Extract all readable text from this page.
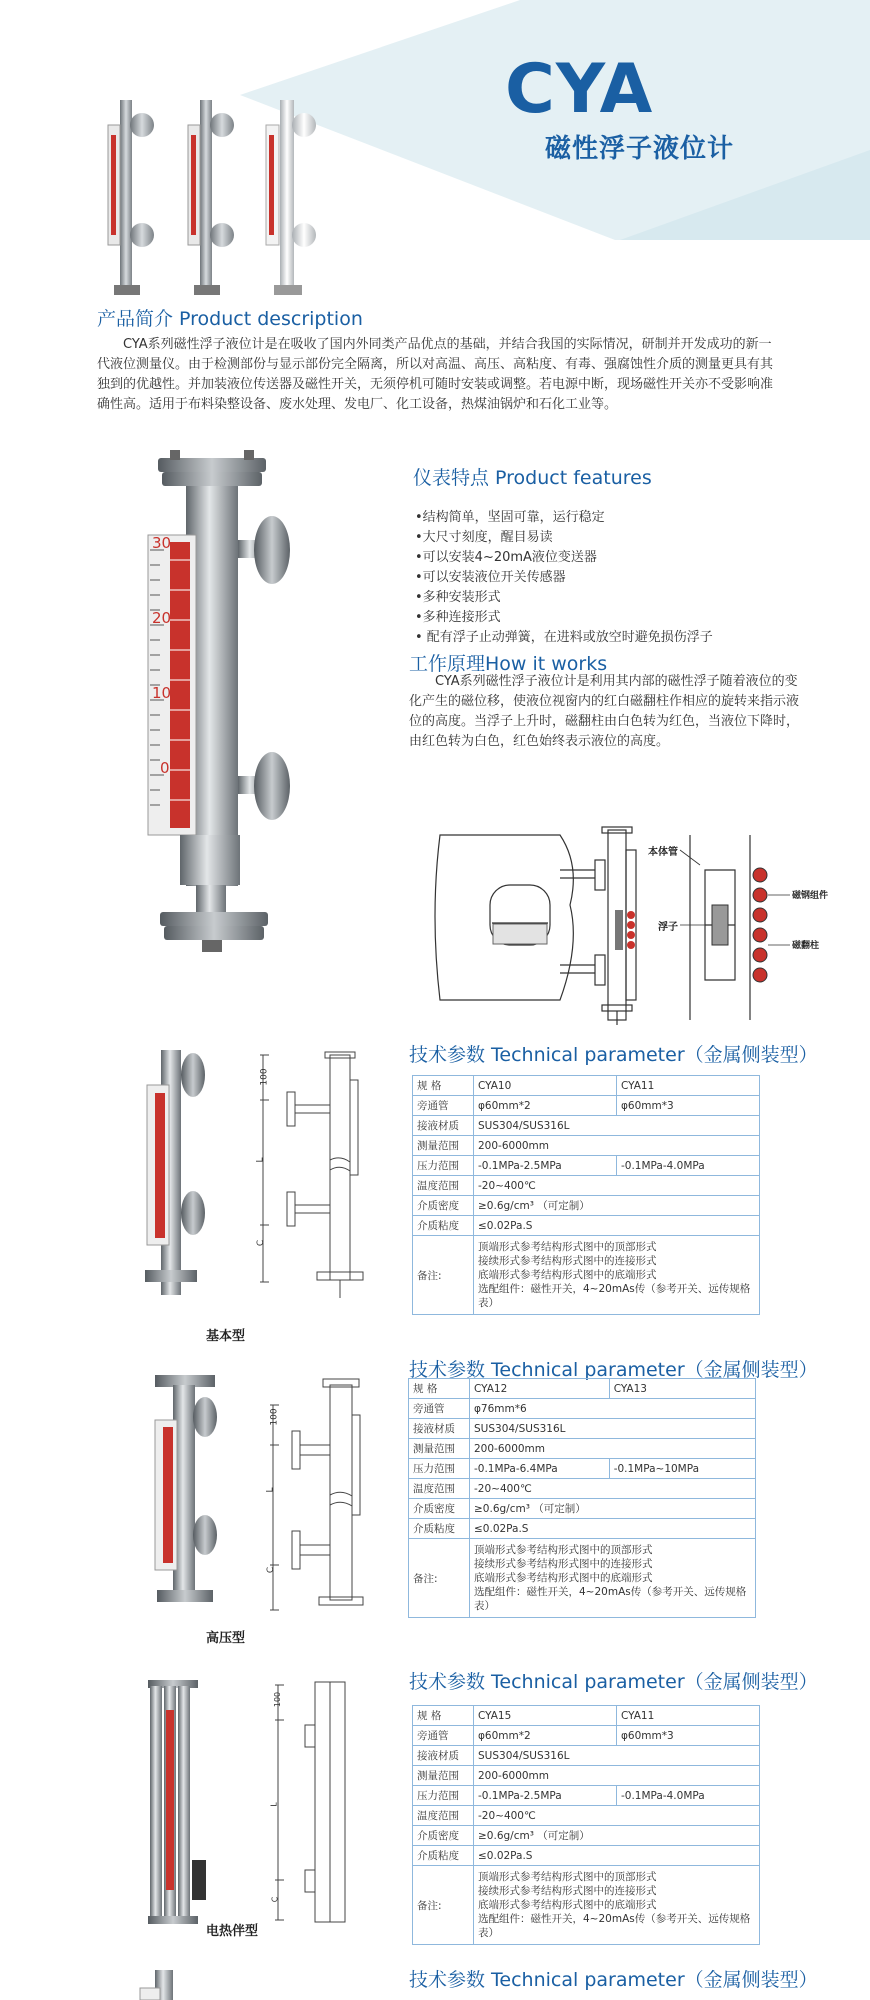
CYA
磁性浮子液位计
产品简介 Product description
CYA系列磁性浮子液位计是在吸收了国内外同类产品优点的基础，并结合我国的实际情况，研制并开发成功的新一代液位测量仪。由于检测部份与显示部份完全隔离，所以对高温、高压、高粘度、有毒、强腐蚀性介质的测量更具有其独到的优越性。并加装液位传送器及磁性开关，无须停机可随时安装或调整。若电源中断，现场磁性开关亦不受影响准确性高。适用于布料染整设备、废水处理、发电厂、化工设备，热煤油锅炉和石化工业等。
30
20
10
0
仪表特点 Product features
•结构简单，坚固可靠，运行稳定
•大尺寸刻度，醒目易读
•可以安装4~20mA液位变送器
•可以安装液位开关传感器
•多种安装形式
•多种连接形式
• 配有浮子止动弹簧，在进料或放空时避免损伤浮子
工作原理How it works
CYA系列磁性浮子液位计是利用其内部的磁性浮子随着液位的变化产生的磁位移，使液位视窗内的红白磁翻柱作相应的旋转来指示液位的高度。当浮子上升时，磁翻柱由白色转为红色，当液位下降时，由红色转为白色，红色始终表示液位的高度。
本体管
浮子
磁钢组件
磁翻柱
100
L
C
基本型
技术参数 Technical parameter（金属侧装型）
规 格	CYA10	CYA11
旁通管	φ60mm*2	φ60mm*3
接液材质	SUS304/SUS316L	
测量范围	200-6000mm	
压力范围	-0.1MPa-2.5MPa	-0.1MPa-4.0MPa
温度范围	-20~400℃	
介质密度	≥0.6g/cm³ （可定制）	
介质粘度	≤0.02Pa.S	
备注:	顶端形式参考结构形式图中的顶部形式
接续形式参考结构形式图中的连接形式
底端形式参考结构形式图中的底端形式
选配组件：磁性开关，4~20mAs传（参考开关、远传规格表）	
100
L
C
高压型
技术参数 Technical parameter（金属侧装型）
规 格	CYA12	CYA13
旁通管	φ76mm*6	
接液材质	SUS304/SUS316L	
测量范围	200-6000mm	
压力范围	-0.1MPa-6.4MPa	-0.1MPa~10MPa
温度范围	-20~400℃	
介质密度	≥0.6g/cm³ （可定制）	
介质粘度	≤0.02Pa.S	
备注:	顶端形式参考结构形式图中的顶部形式
接续形式参考结构形式图中的连接形式
底端形式参考结构形式图中的底端形式
选配组件：磁性开关，4~20mAs传（参考开关、远传规格表）	
100
L
C
电热伴型
技术参数 Technical parameter（金属侧装型）
规 格	CYA15	CYA11
旁通管	φ60mm*2	φ60mm*3
接液材质	SUS304/SUS316L	
测量范围	200-6000mm	
压力范围	-0.1MPa-2.5MPa	-0.1MPa-4.0MPa
温度范围	-20~400℃	
介质密度	≥0.6g/cm³ （可定制）	
介质粘度	≤0.02Pa.S	
备注:	顶端形式参考结构形式图中的顶部形式
接续形式参考结构形式图中的连接形式
底端形式参考结构形式图中的底端形式
选配组件：磁性开关，4~20mAs传（参考开关、远传规格表）	
技术参数 Technical parameter（金属侧装型）
